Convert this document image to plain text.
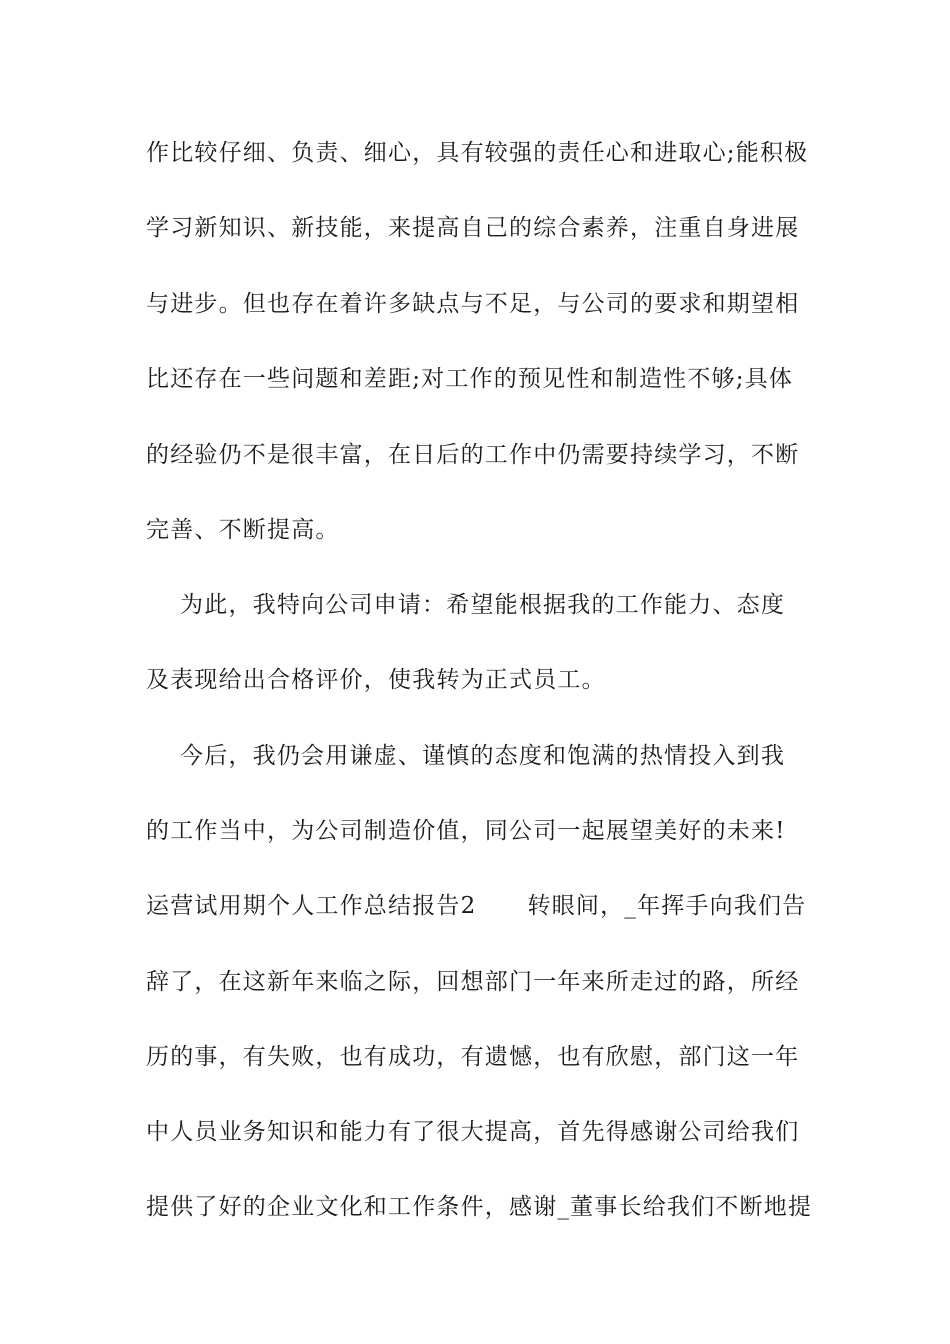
作比较仔细、负责、细心，具有较强的责任心和进取心;能积极
学习新知识、新技能，来提高自己的综合素养，注重自身进展
与进步。但也存在着许多缺点与不足，与公司的要求和期望相
比还存在一些问题和差距;对工作的预见性和制造性不够;具体
的经验仍不是很丰富，在日后的工作中仍需要持续学习，不断
完善、不断提高。
为此，我特向公司申请：希望能根据我的工作能力、态度
及表现给出合格评价，使我转为正式员工。
今后，我仍会用谦虚、谨慎的态度和饱满的热情投入到我
的工作当中，为公司制造价值，同公司一起展望美好的未来!
运营试用期个人工作总结报告2      转眼间，_年挥手向我们告
辞了，在这新年来临之际，回想部门一年来所走过的路，所经
历的事，有失败，也有成功，有遗憾，也有欣慰，部门这一年
中人员业务知识和能力有了很大提高，首先得感谢公司给我们
提供了好的企业文化和工作条件，感谢_董事长给我们不断地提
